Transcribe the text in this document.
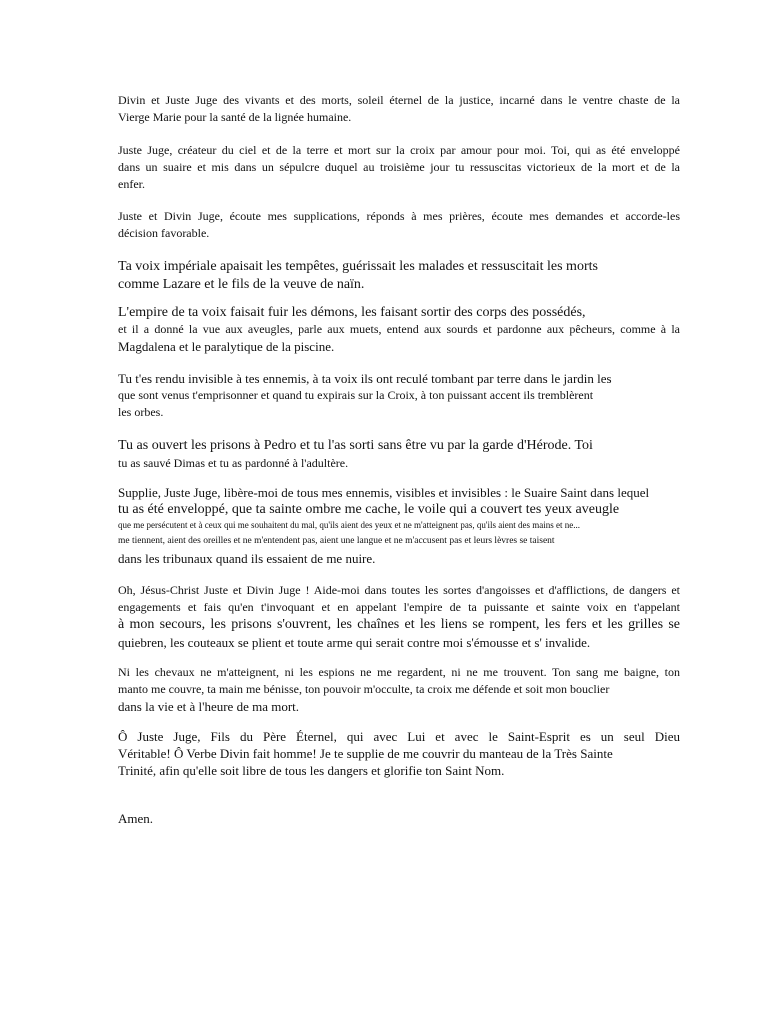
Divin et Juste Juge des vivants et des morts, soleil éternel de la justice, incarné dans le ventre chaste de la
Vierge Marie pour la santé de la lignée humaine.
Juste Juge, créateur du ciel et de la terre et mort sur la croix par amour pour moi. Toi, qui as été enveloppé
dans un suaire et mis dans un sépulcre duquel au troisième jour tu ressuscitas victorieux de la mort et de la
enfer.
Juste et Divin Juge, écoute mes supplications, réponds à mes prières, écoute mes demandes et accorde-les
décision favorable.
Ta voix impériale apaisait les tempêtes, guérissait les malades et ressuscitait les morts
comme Lazare et le fils de la veuve de naïn.
L'empire de ta voix faisait fuir les démons, les faisant sortir des corps des possédés,
et il a donné la vue aux aveugles, parle aux muets, entend aux sourds et pardonne aux pêcheurs, comme à la
Magdalena et le paralytique de la piscine.
Tu t'es rendu invisible à tes ennemis, à ta voix ils ont reculé tombant par terre dans le jardin les
que sont venus t'emprisonner et quand tu expirais sur la Croix, à ton puissant accent ils tremblèrent
les orbes.
Tu as ouvert les prisons à Pedro et tu l'as sorti sans être vu par la garde d'Hérode. Toi
tu as sauvé Dimas et tu as pardonné à l'adultère.
Supplie, Juste Juge, libère-moi de tous mes ennemis, visibles et invisibles : le Suaire Saint dans lequel
tu as été enveloppé, que ta sainte ombre me cache, le voile qui a couvert tes yeux aveugle
que me persécutent et à ceux qui me souhaitent du mal, qu'ils aient des yeux et ne m'atteignent pas, qu'ils aient des mains et ne...
me tiennent, aient des oreilles et ne m'entendent pas, aient une langue et ne m'accusent pas et leurs lèvres se taisent
dans les tribunaux quand ils essaient de me nuire.
Oh, Jésus-Christ Juste et Divin Juge ! Aide-moi dans toutes les sortes d'angoisses et d'afflictions, de dangers et
engagements et fais qu'en t'invoquant et en appelant l'empire de ta puissante et sainte voix en t'appelant
à mon secours, les prisons s'ouvrent, les chaînes et les liens se rompent, les fers et les grilles se
quiebren, les couteaux se plient et toute arme qui serait contre moi s'émousse et s' invalide.
Ni les chevaux ne m'atteignent, ni les espions ne me regardent, ni ne me trouvent. Ton sang me baigne, ton
manto me couvre, ta main me bénisse, ton pouvoir m'occulte, ta croix me défende et soit mon bouclier
dans la vie et à l'heure de ma mort.
Ô Juste Juge, Fils du Père Éternel, qui avec Lui et avec le Saint-Esprit es un seul Dieu
Véritable! Ô Verbe Divin fait homme! Je te supplie de me couvrir du manteau de la Très Sainte
Trinité, afin qu'elle soit libre de tous les dangers et glorifie ton Saint Nom.
Amen.
